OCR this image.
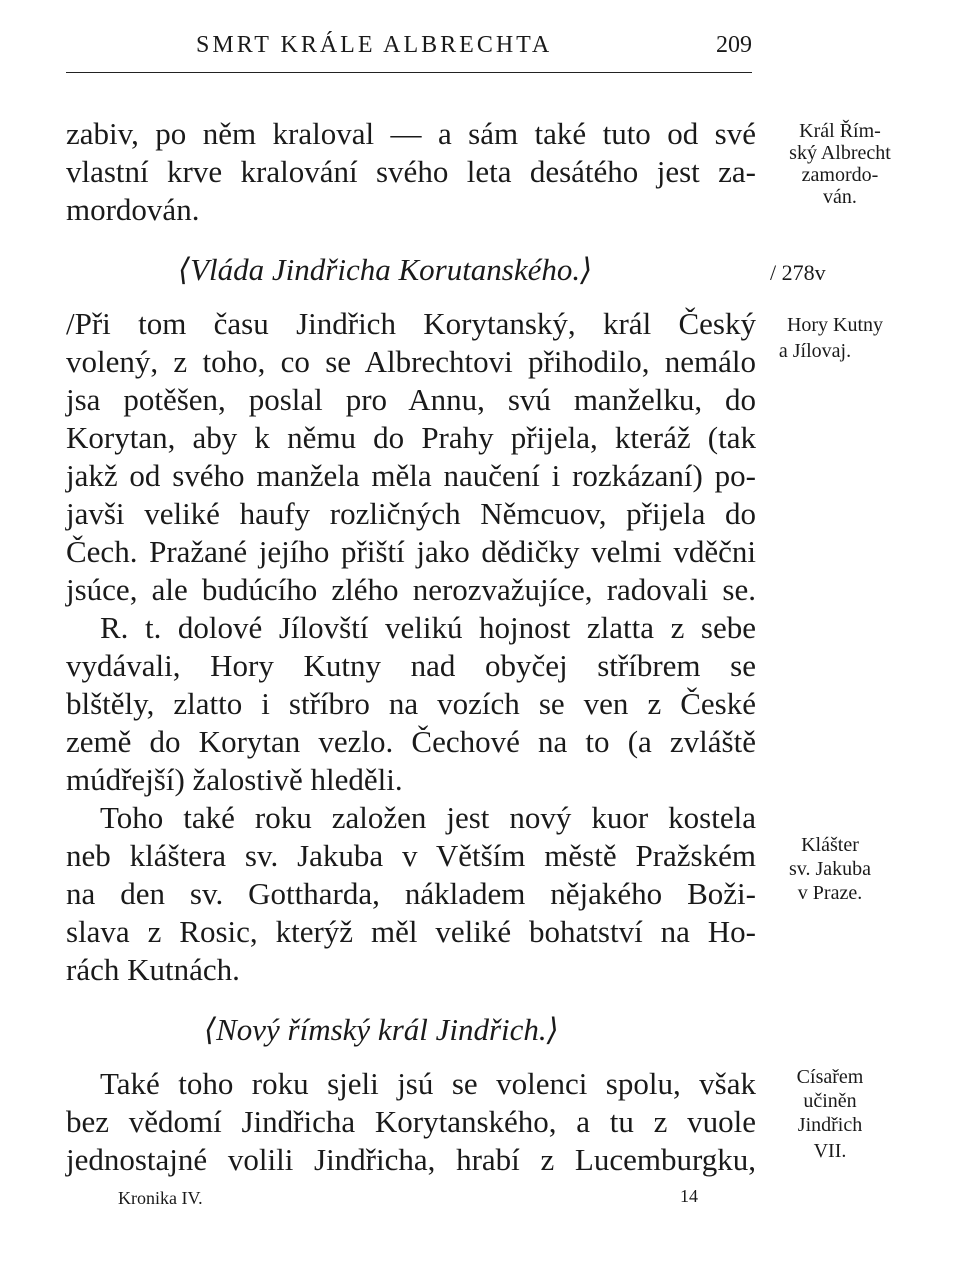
SMRT KRÁLE ALBRECHTA	209
zabiv, po něm kraloval — a sám také tuto od své
vlastní krve kralování svého leta desátého jest za-
mordován.
⟨Vláda Jindřicha Korutanského.⟩
/Při tom času Jindřich Korytanský, král Český
volený, z toho, co se Albrechtovi přihodilo, nemálo
jsa potěšen, poslal pro Annu, svú manželku, do
Korytan, aby k němu do Prahy přijela, kteráž (tak
jakž od svého manžela měla naučení i rozkázaní) po-
javši veliké haufy rozličných Němcuov, přijela do
Čech. Pražané jejího přiští jako dědičky velmi vděčni
jsúce, ale budúcího zlého nerozvažujíce, radovali se.
R. t. dolové Jílovští velikú hojnost zlatta z sebe
vydávali, Hory Kutny nad obyčej stříbrem se
blštěly, zlatto i stříbro na vozích se ven z České
země do Korytan vezlo. Čechové na to (a zvláště
múdřejší) žalostivě hleděli.
Toho také roku založen jest nový kuor kostela
neb kláštera sv. Jakuba v Větším městě Pražském
na den sv. Gottharda, nákladem nějakého Boži-
slava z Rosic, kterýž měl veliké bohatství na Ho-
rách Kutnách.
⟨Nový římský král Jindřich.⟩
Také toho roku sjeli jsú se volenci spolu, však
bez vědomí Jindřicha Korytanského, a tu z vuole
jednostajné volili Jindřicha, hrabí z Lucemburgku,
/ 278v
Král Řím-
ský Albrecht
zamordo-
ván.
Hory Kutny
a Jílovaj.
Klášter
sv. Jakuba
v Praze.
Císařem
učiněn
Jindřich
VII.
Kronika IV.	14
